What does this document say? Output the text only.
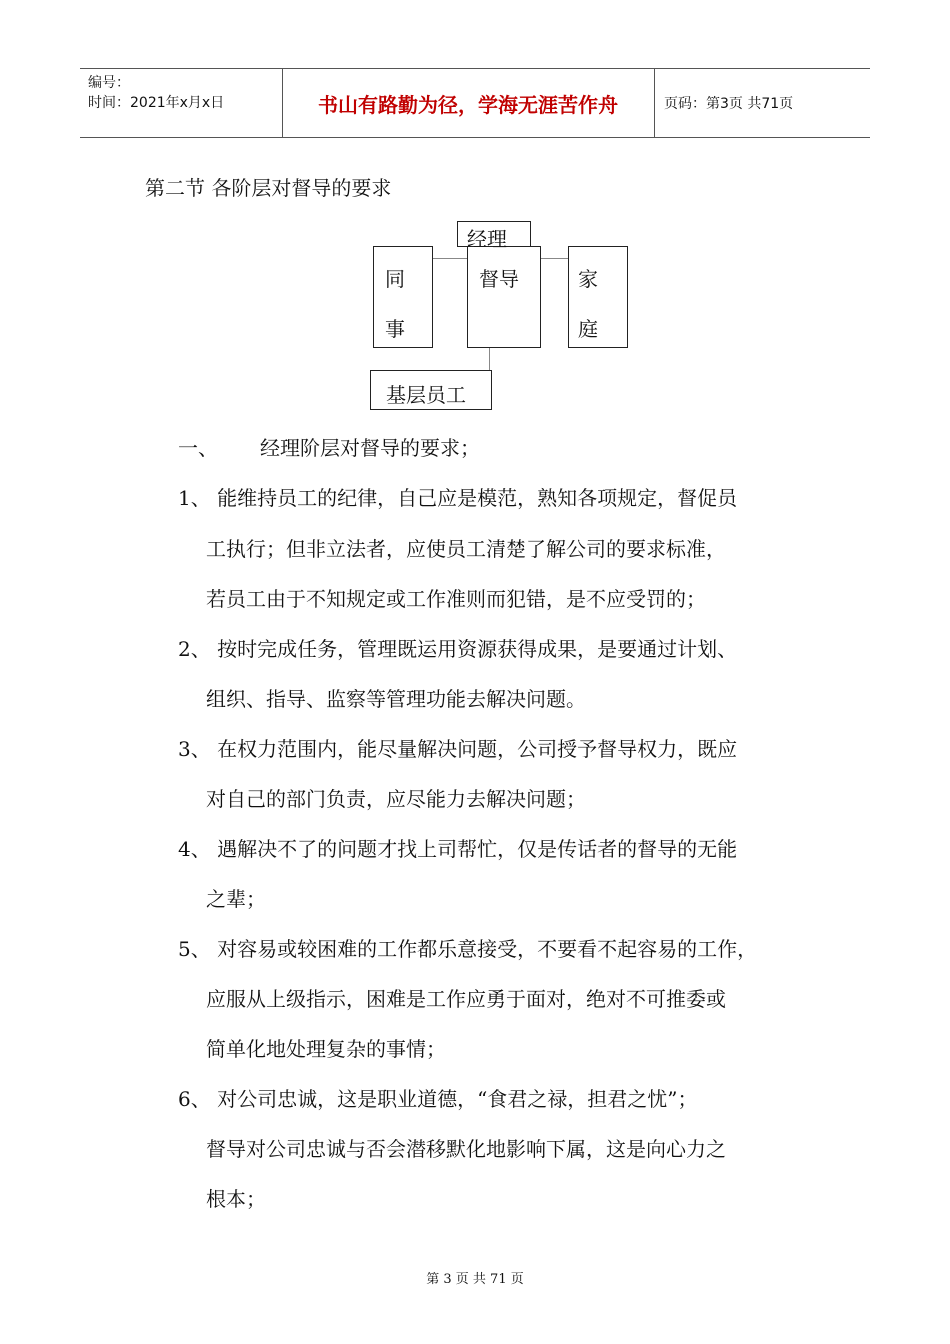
编号：
时间：2021年x月x日	书山有路勤为径，学海无涯苦作舟	页码：第3页 共71页
第二节 各阶层对督导的要求
同
事
督导
经理
家
庭
基层员工
一、 经理阶层对督导的要求；
1、 能维持员工的纪律，自己应是模范，熟知各项规定，督促员
工执行；但非立法者，应使员工清楚了解公司的要求标准，
若员工由于不知规定或工作准则而犯错，是不应受罚的；
2、 按时完成任务，管理既运用资源获得成果，是要通过计划、
组织、指导、监察等管理功能去解决问题。
3、 在权力范围内，能尽量解决问题，公司授予督导权力，既应
对自己的部门负责，应尽能力去解决问题；
4、 遇解决不了的问题才找上司帮忙，仅是传话者的督导的无能
之辈；
5、 对容易或较困难的工作都乐意接受，不要看不起容易的工作，
应服从上级指示，困难是工作应勇于面对，绝对不可推委或
简单化地处理复杂的事情；
6、 对公司忠诚，这是职业道德，“食君之禄，担君之忧”；
督导对公司忠诚与否会潜移默化地影响下属，这是向心力之
根本；
第 3 页 共 71 页
